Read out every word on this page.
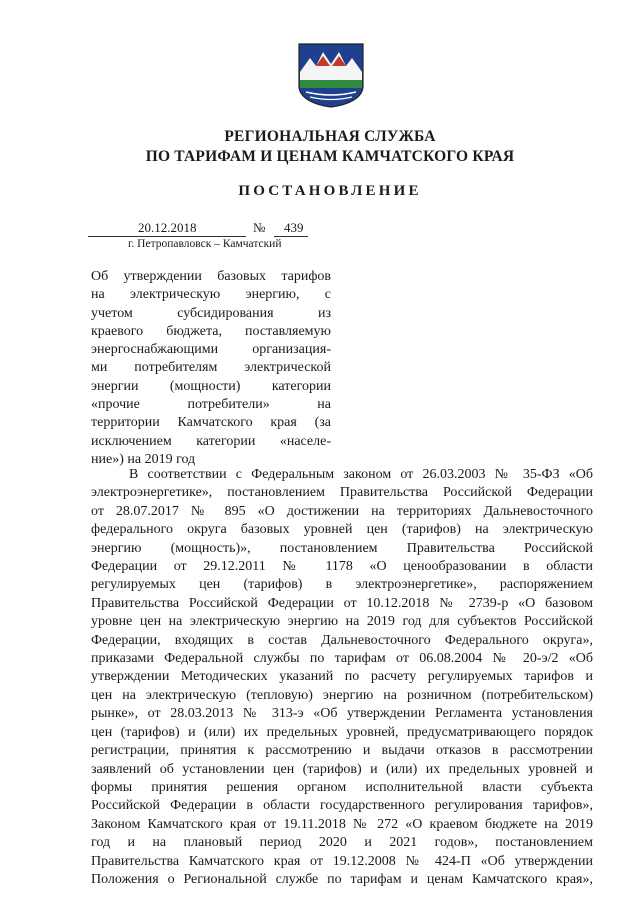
РЕГИОНАЛЬНАЯ СЛУЖБА
ПО ТАРИФАМ И ЦЕНАМ КАМЧАТСКОГО КРАЯ
ПОСТАНОВЛЕНИЕ
20.12.2018	№ 439
г. Петропавловск – Камчатский

Об утверждении базовых тарифов
на электрическую энергию, с
учетом субсидирования из
краевого бюджета, поставляемую
энергоснабжающими организация-
ми потребителям электрической
энергии (мощности) категории
«прочие потребители» на
территории Камчатского края (за
исключением категории «населе-
ние») на 2019 год

В соответствии с Федеральным законом от 26.03.2003 № 35-ФЗ «Об
электроэнергетике», постановлением Правительства Российской Федерации
от 28.07.2017 № 895 «О достижении на территориях Дальневосточного
федерального округа базовых уровней цен (тарифов) на электрическую
энергию (мощность)», постановлением Правительства Российской
Федерации от 29.12.2011 № 1178 «О ценообразовании в области
регулируемых цен (тарифов) в электроэнергетике», распоряжением
Правительства Российской Федерации от 10.12.2018 № 2739-р «О базовом
уровне цен на электрическую энергию на 2019 год для субъектов Российской
Федерации, входящих в состав Дальневосточного Федерального округа»,
приказами Федеральной службы по тарифам от 06.08.2004 № 20-э/2 «Об
утверждении Методических указаний по расчету регулируемых тарифов и
цен на электрическую (тепловую) энергию на розничном (потребительском)
рынке», от 28.03.2013 № 313-э «Об утверждении Регламента установления
цен (тарифов) и (или) их предельных уровней, предусматривающего порядок
регистрации, принятия к рассмотрению и выдачи отказов в рассмотрении
заявлений об установлении цен (тарифов) и (или) их предельных уровней и
формы принятия решения органом исполнительной власти субъекта
Российской Федерации в области государственного регулирования тарифов»,
Законом Камчатского края от 19.11.2018 № 272 «О краевом бюджете на 2019
год и на плановый период 2020 и 2021 годов», постановлением
Правительства Камчатского края от 19.12.2008 № 424-П «Об утверждении
Положения о Региональной службе по тарифам и ценам Камчатского края»,
